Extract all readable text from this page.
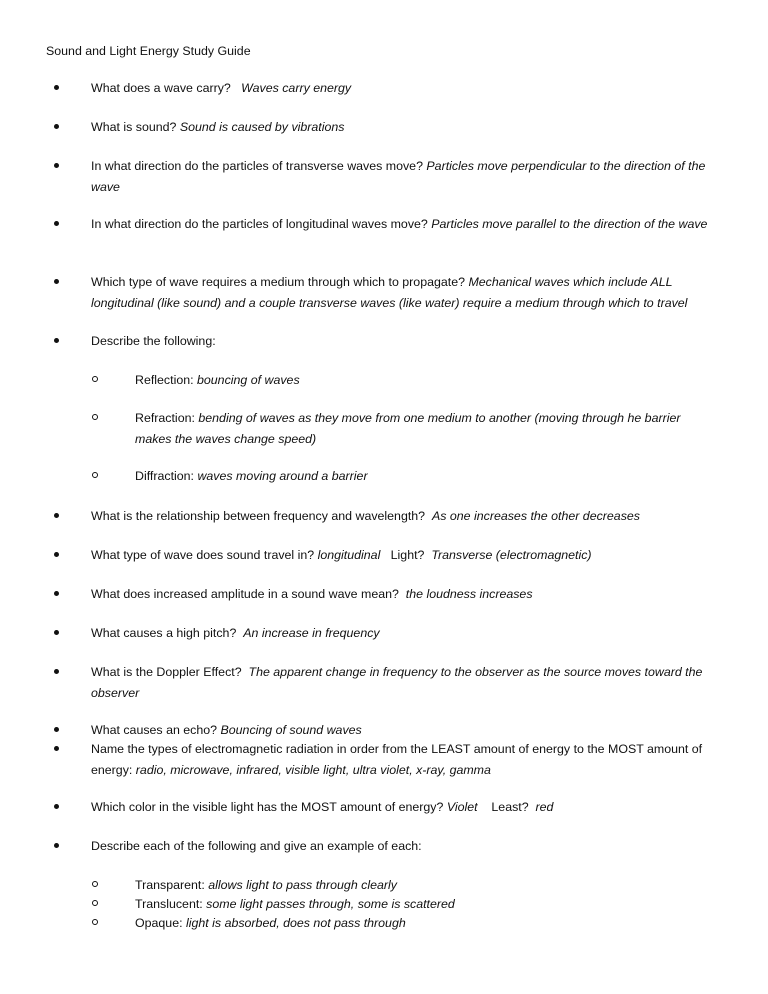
Sound and Light Energy Study Guide
What does a wave carry? Waves carry energy
What is sound? Sound is caused by vibrations
In what direction do the particles of transverse waves move? Particles move perpendicular to the direction of the wave
In what direction do the particles of longitudinal waves move? Particles move parallel to the direction of the wave
Which type of wave requires a medium through which to propagate? Mechanical waves which include ALL longitudinal (like sound) and a couple transverse waves (like water) require a medium through which to travel
Describe the following:
Reflection: bouncing of waves
Refraction: bending of waves as they move from one medium to another (moving through he barrier makes the waves change speed)
Diffraction: waves moving around a barrier
What is the relationship between frequency and wavelength? As one increases the other decreases
What type of wave does sound travel in? longitudinal Light? Transverse (electromagnetic)
What does increased amplitude in a sound wave mean? the loudness increases
What causes a high pitch? An increase in frequency
What is the Doppler Effect? The apparent change in frequency to the observer as the source moves toward the observer
What causes an echo? Bouncing of sound waves
Name the types of electromagnetic radiation in order from the LEAST amount of energy to the MOST amount of energy: radio, microwave, infrared, visible light, ultra violet, x-ray, gamma
Which color in the visible light has the MOST amount of energy? Violet Least? red
Describe each of the following and give an example of each:
Transparent: allows light to pass through clearly
Translucent: some light passes through, some is scattered
Opaque: light is absorbed, does not pass through
